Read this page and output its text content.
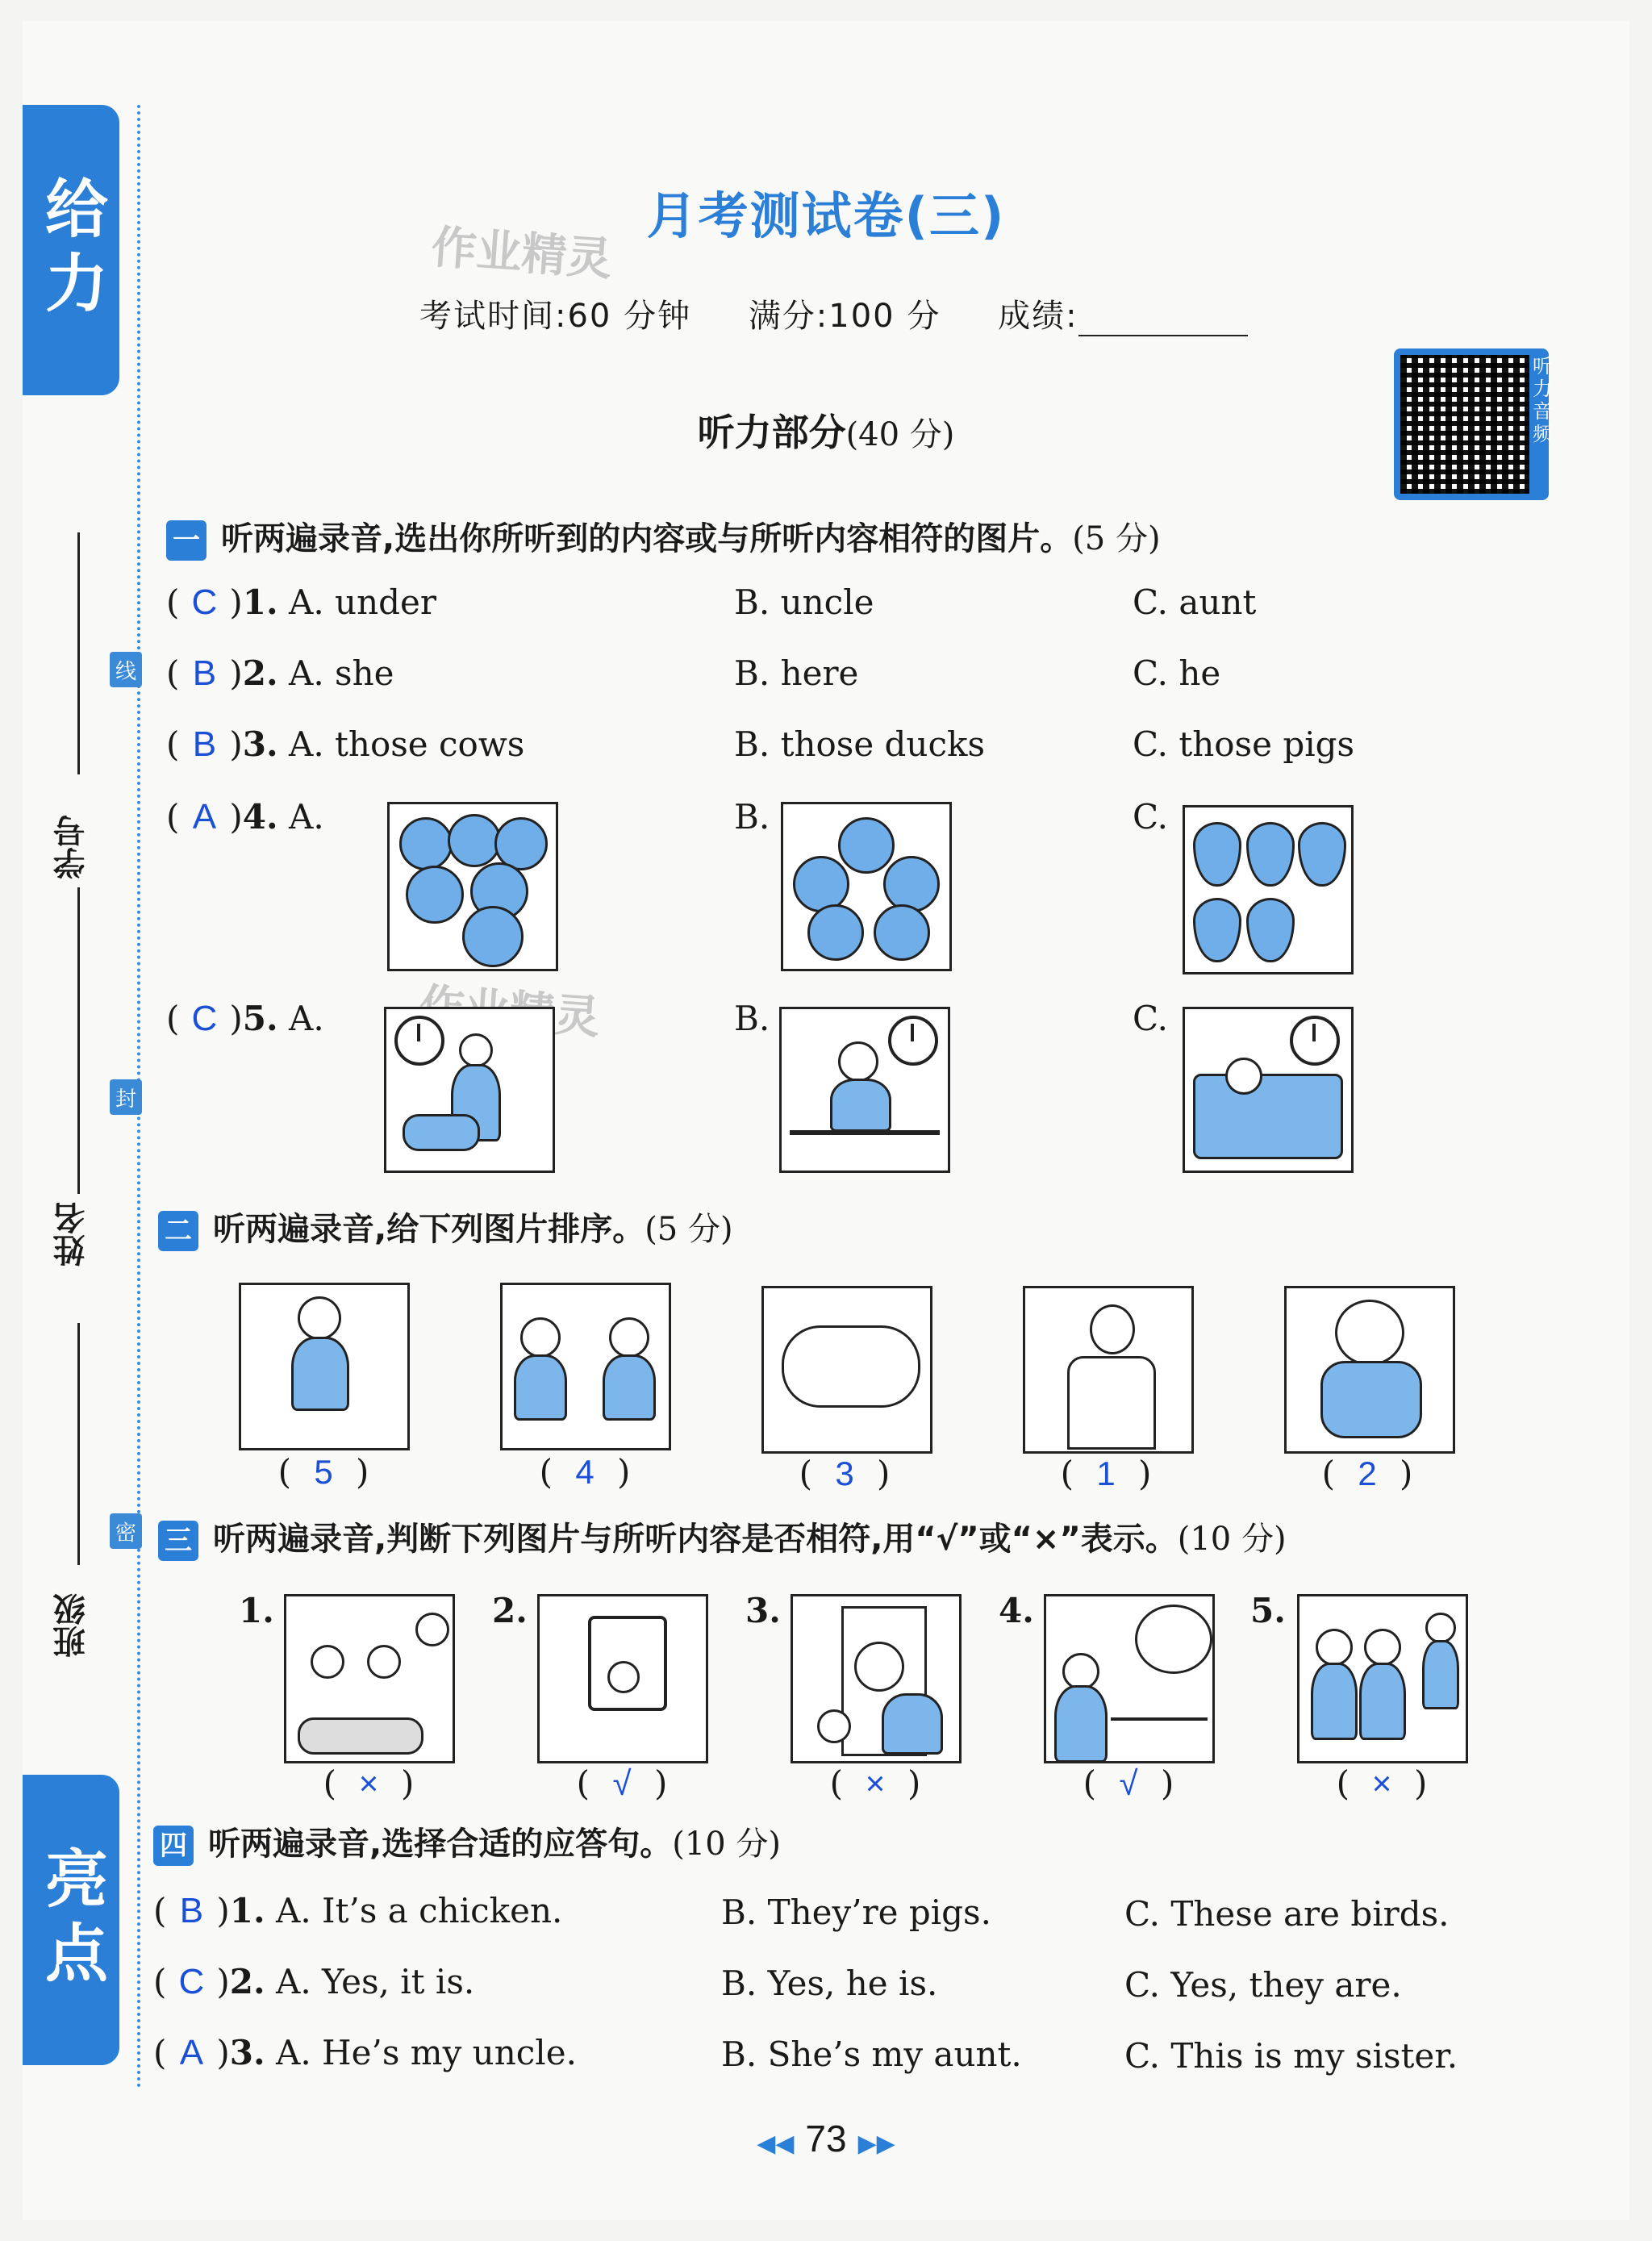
给力
亮点
学号
姓名
班级
线
封
密
月考测试卷(三)
作业精灵
考试时间:60 分钟 满分:100 分 成绩:
听力音频
听力部分(40 分)
一 听两遍录音,选出你所听到的内容或与所听内容相符的图片。(5 分)
( C )1. A. under	B. uncle	C. aunt
( B )2. A. she	B. here	C. he
( B )3. A. those cows	B. those ducks	C. those pigs
( A )4. A.	B.	C.
( C )5. A.	B.	C.
二 听两遍录音,给下列图片排序。(5 分)
( 5 )	( 4 )	( 3 )	( 1 )	( 2 )
三 听两遍录音,判断下列图片与所听内容是否相符,用“√”或“×”表示。(10 分)
1.	2.	3.	4.	5.
( × )	( √ )	( × )	( √ )	( × )
四 听两遍录音,选择合适的应答句。(10 分)
( B )1. A. It’s a chicken.	B. They’re pigs.	C. These are birds.
( C )2. A. Yes, it is.	B. Yes, he is.	C. Yes, they are.
( A )3. A. He’s my uncle.	B. She’s my aunt.	C. This is my sister.
◀◀ 73 ▶▶
